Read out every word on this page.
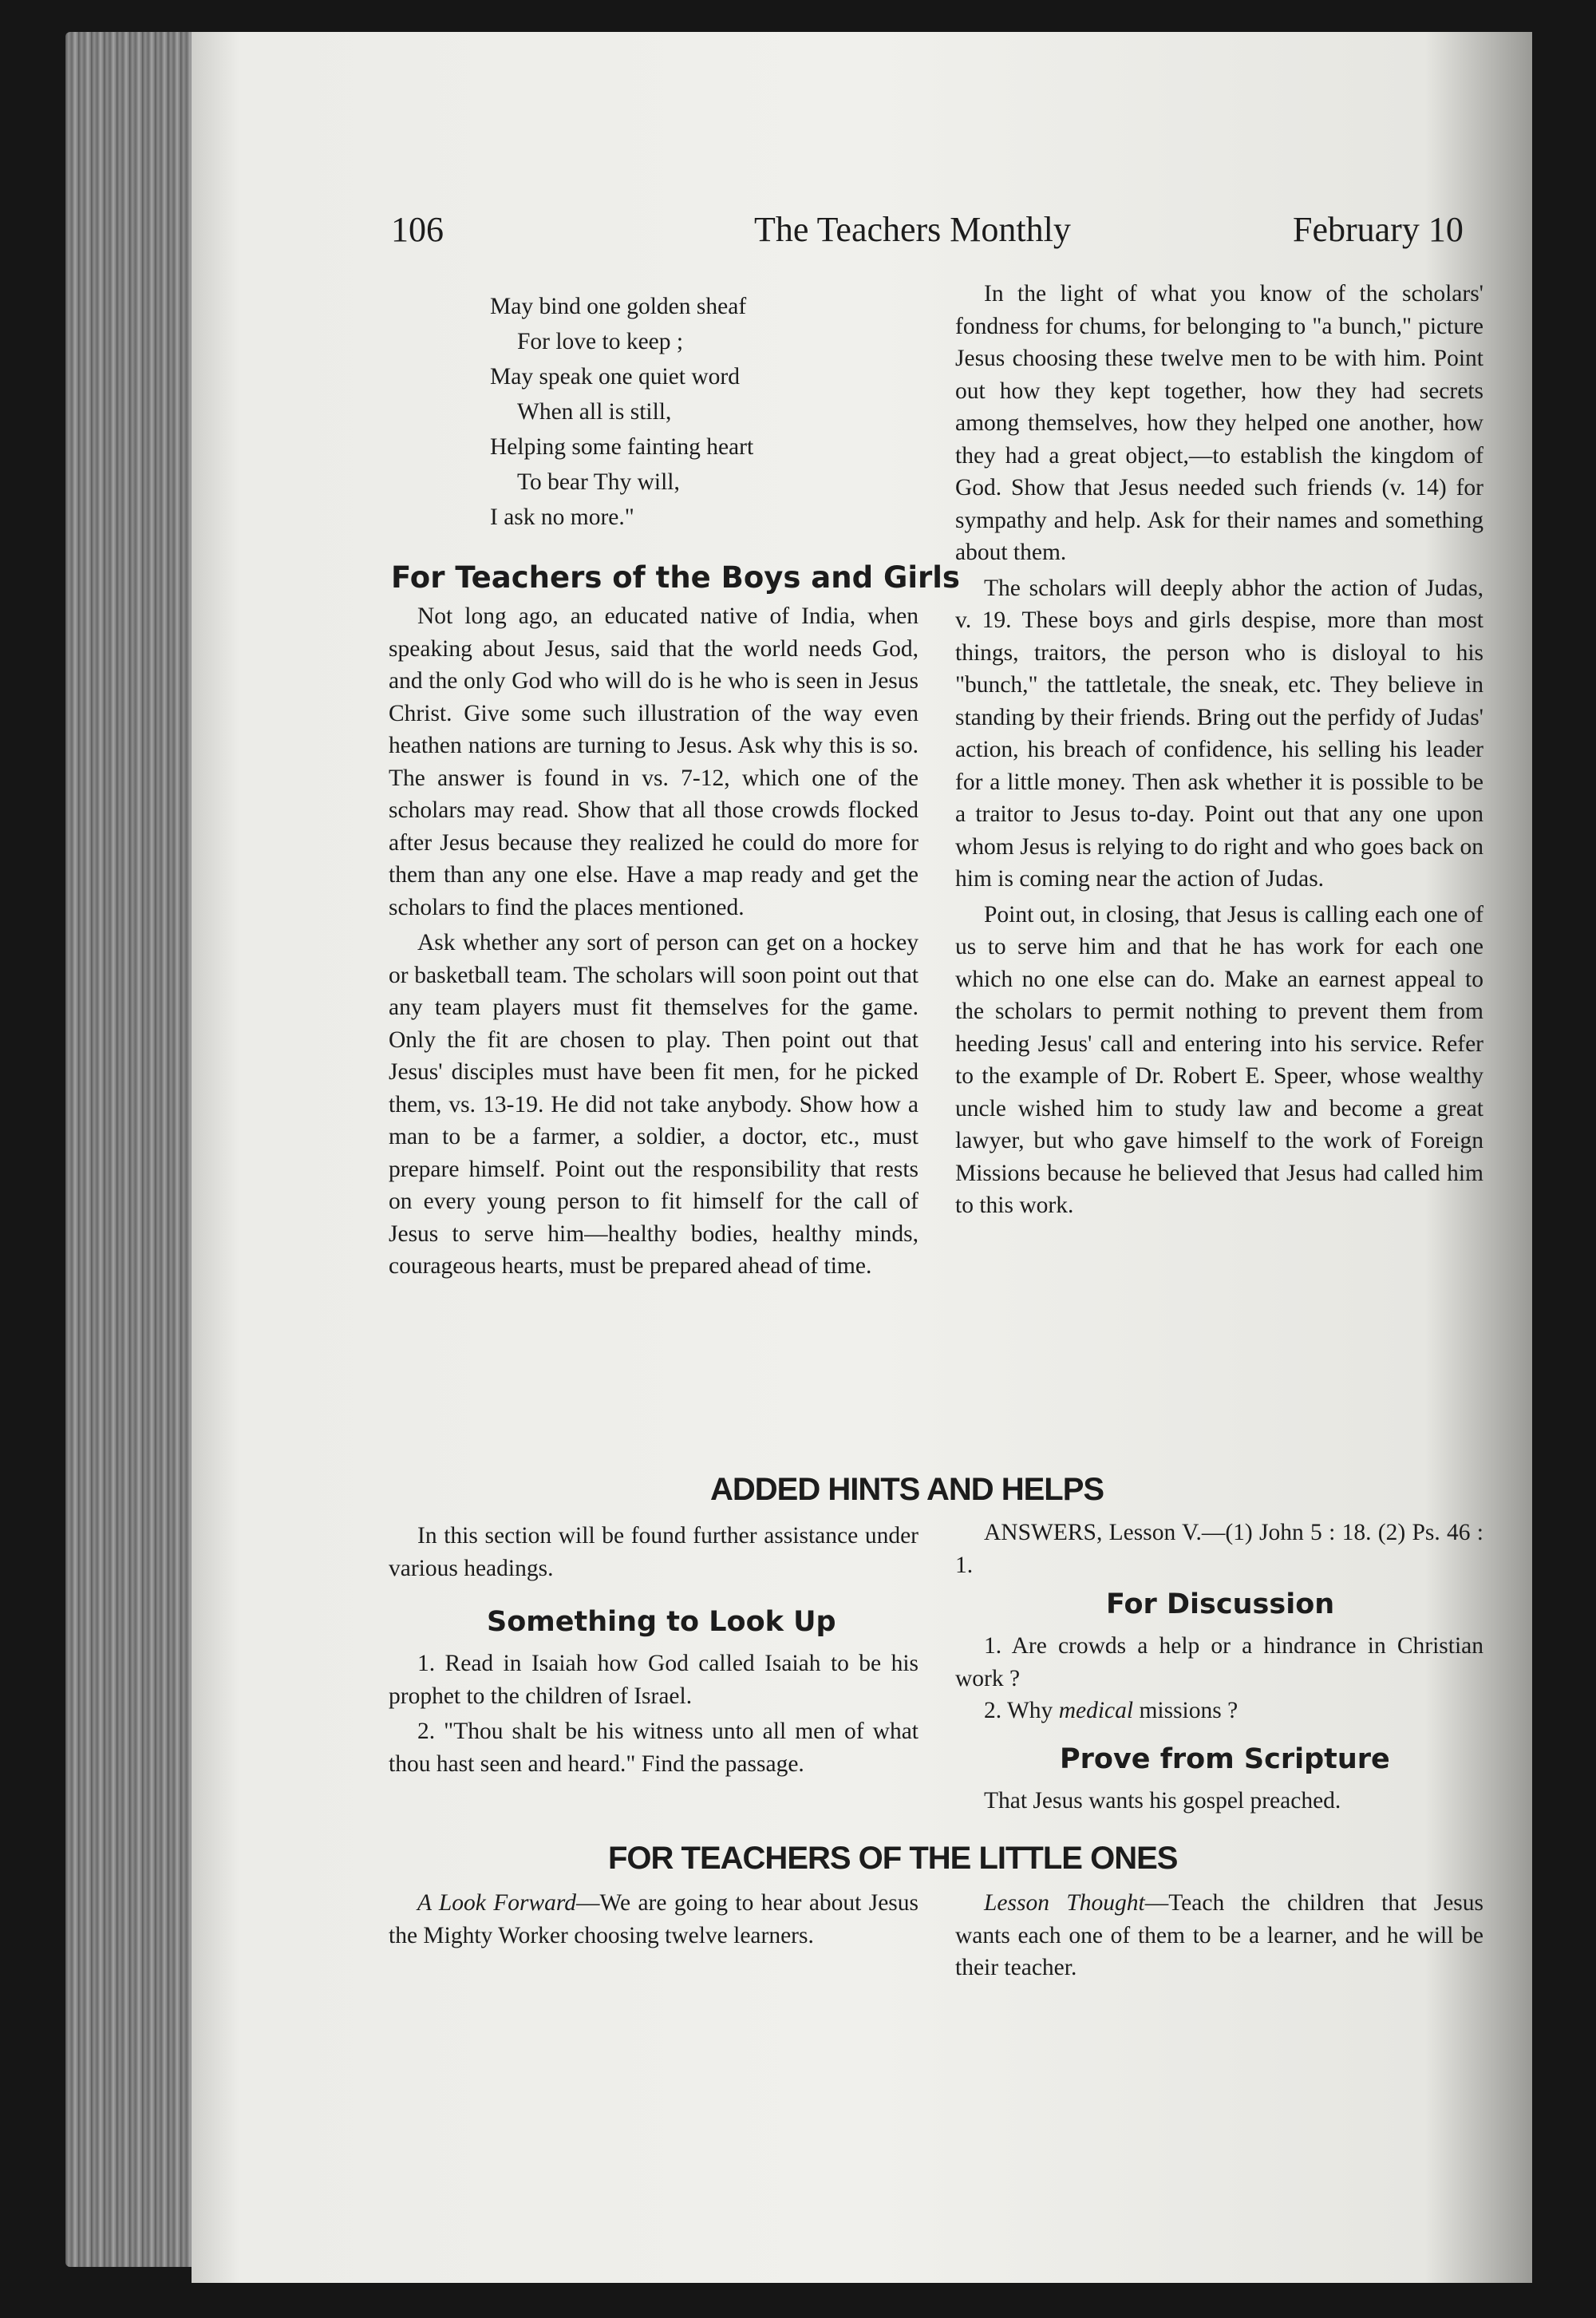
106	The Teachers Monthly	February 10
May bind one golden sheaf
For love to keep ;
May speak one quiet word
When all is still,
Helping some fainting heart
To bear Thy will,
I ask no more."
For Teachers of the Boys and Girls

Not long ago, an educated native of India, when speaking about Jesus, said that the world needs God, and the only God who will do is he who is seen in Jesus Christ. Give some such illustration of the way even heathen nations are turning to Jesus. Ask why this is so. The answer is found in vs. 7-12, which one of the scholars may read. Show that all those crowds flocked after Jesus because they realized he could do more for them than any one else. Have a map ready and get the scholars to find the places mentioned.

Ask whether any sort of person can get on a hockey or basketball team. The scholars will soon point out that any team players must fit themselves for the game. Only the fit are chosen to play. Then point out that Jesus' disciples must have been fit men, for he picked them, vs. 13-19. He did not take anybody. Show how a man to be a farmer, a soldier, a doctor, etc., must prepare himself. Point out the responsibility that rests on every young person to fit himself for the call of Jesus to serve him—healthy bodies, healthy minds, courageous hearts, must be prepared ahead of time.

In the light of what you know of the scholars' fondness for chums, for belonging to "a bunch," picture Jesus choosing these twelve men to be with him. Point out how they kept together, how they had secrets among themselves, how they helped one another, how they had a great object,—to establish the kingdom of God. Show that Jesus needed such friends (v. 14) for sympathy and help. Ask for their names and something about them.

The scholars will deeply abhor the action of Judas, v. 19. These boys and girls despise, more than most things, traitors, the person who is disloyal to his "bunch," the tattletale, the sneak, etc. They believe in standing by their friends. Bring out the perfidy of Judas' action, his breach of confidence, his selling his leader for a little money. Then ask whether it is possible to be a traitor to Jesus to-day. Point out that any one upon whom Jesus is relying to do right and who goes back on him is coming near the action of Judas.

Point out, in closing, that Jesus is calling each one of us to serve him and that he has work for each one which no one else can do. Make an earnest appeal to the scholars to permit nothing to prevent them from heeding Jesus' call and entering into his service. Refer to the example of Dr. Robert E. Speer, whose wealthy uncle wished him to study law and become a great lawyer, but who gave himself to the work of Foreign Missions because he believed that Jesus had called him to this work.

ADDED HINTS AND HELPS

In this section will be found further assistance under various headings.

Something to Look Up

1. Read in Isaiah how God called Isaiah to be his prophet to the children of Israel.

2. "Thou shalt be his witness unto all men of what thou hast seen and heard." Find the passage.

ANSWERS, Lesson V.—(1) John 5 : 18. (2) Ps. 46 : 1.

For Discussion

1. Are crowds a help or a hindrance in Christian work ?

2. Why medical missions ?

Prove from Scripture

That Jesus wants his gospel preached.

FOR TEACHERS OF THE LITTLE ONES

A Look Forward—We are going to hear about Jesus the Mighty Worker choosing twelve learners.

Lesson Thought—Teach the children that Jesus wants each one of them to be a learner, and he will be their teacher.
